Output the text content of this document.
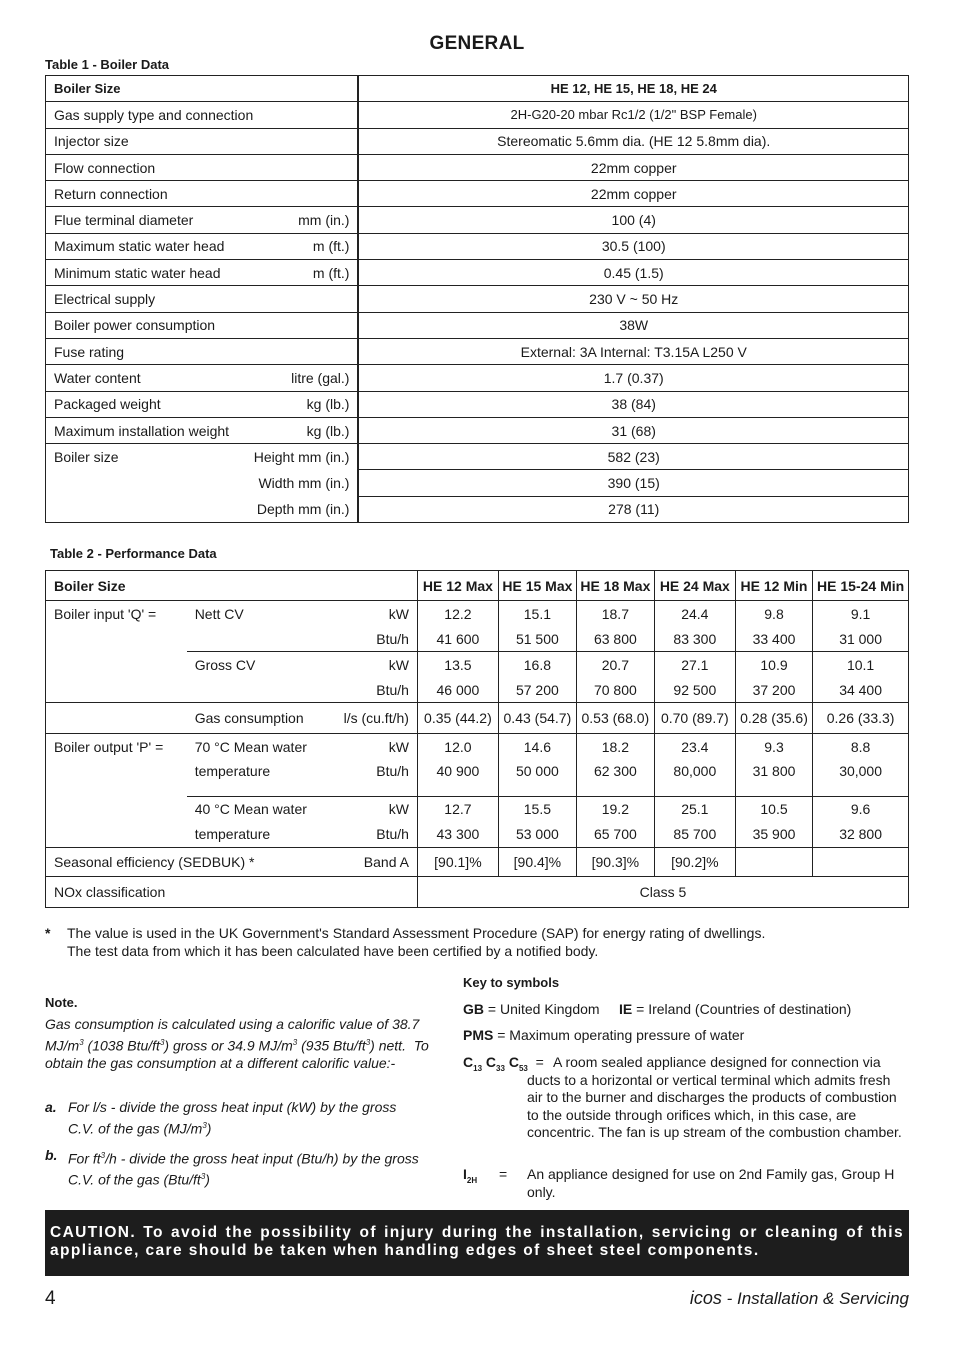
GENERAL
Table 1 - Boiler Data
Boiler Size	HE 12, HE 15, HE 18, HE 24
Gas supply type and connection	2H-G20-20 mbar Rc1/2 (1/2" BSP Female)
Injector size	Stereomatic 5.6mm dia. (HE 12 5.8mm dia).
Flow connection	22mm copper
Return connection	22mm copper
Flue terminal diameter mm (in.)	100 (4)
Maximum static water head m (ft.)	30.5 (100)
Minimum static water head m (ft.)	0.45 (1.5)
Electrical supply	230 V ~ 50 Hz
Boiler power consumption	38W
Fuse rating	External: 3A Internal: T3.15A L250 V
Water content litre (gal.)	1.7 (0.37)
Packaged weight kg (lb.)	38 (84)
Maximum installation weight kg (lb.)	31 (68)
Boiler size Height mm (in.)	582 (23)

Width mm (in.)	390 (15)

Depth mm (in.)	278 (11)
Table 2 - Performance Data
Boiler Size			HE 12 Max	HE 15 Max	HE 18 Max	HE 24 Max	HE 12 Min	HE 15-24 Min
Boiler input 'Q' =	Nett CV	kW	12.2	15.1	18.7	24.4	9.8	9.1
		Btu/h	41 600	51 500	63 800	83 300	33 400	31 000
	Gross CV	kW	13.5	16.8	20.7	27.1	10.9	10.1
		Btu/h	46 000	57 200	70 800	92 500	37 200	34 400
	Gas consumption	l/s (cu.ft/h)	0.35 (44.2)	0.43 (54.7)	0.53 (68.0)	0.70 (89.7)	0.28 (35.6)	0.26 (33.3)
Boiler output 'P' =	70 °C Mean water	kW	12.0	14.6	18.2	23.4	9.3	8.8
	temperature	Btu/h	40 900	50 000	62 300	80,000	31 800	30,000
	40 °C Mean water	kW	12.7	15.5	19.2	25.1	10.5	9.6
	temperature	Btu/h	43 300	53 000	65 700	85 700	35 900	32 800
Seasonal efficiency (SEDBUK) *		Band A	[90.1]%	[90.4]%	[90.3]%	[90.2]%		
NOx classification			Class 5					
* The value is used in the UK Government's Standard Assessment Procedure (SAP) for energy rating of dwellings.
The test data from which it has been calculated have been certified by a notified body.
Note.
Gas consumption is calculated using a calorific value of 38.7 $MJ/m^3$ (1038 Btu/$ft^3$) gross or 34.9 $MJ/m^3$ (935 Btu/$ft^3$) nett.  To obtain the gas consumption at a different calorific value:-
a. For l/s - divide the gross heat input (kW) by the gross C.V. of the gas $(MJ/m^3)$
b. For $ft^3/h$ - divide the gross heat input (Btu/h) by the gross C.V. of the gas $(Btu/ft^3)$
Key to symbols
GB = United Kingdom IE = Ireland (Countries of destination)
PMS = Maximum operating pressure of water
$C_{13}$ $C_{33}$ $C_{53} = A$ room sealed appliance designed for connection via ducts to a horizontal or vertical terminal which admits fresh air to the burner and discharges the products of combustion to the outside through orifices which, in this case, are concentric. The fan is up stream of the combustion chamber.
$I_{2H} = An$ appliance designed for use on 2nd Family gas, Group H only.
CAUTION. To avoid the possibility of injury during the installation, servicing or cleaning of this appliance, care should be taken when handling edges of sheet steel components.
4	icos - Installation & Servicing
